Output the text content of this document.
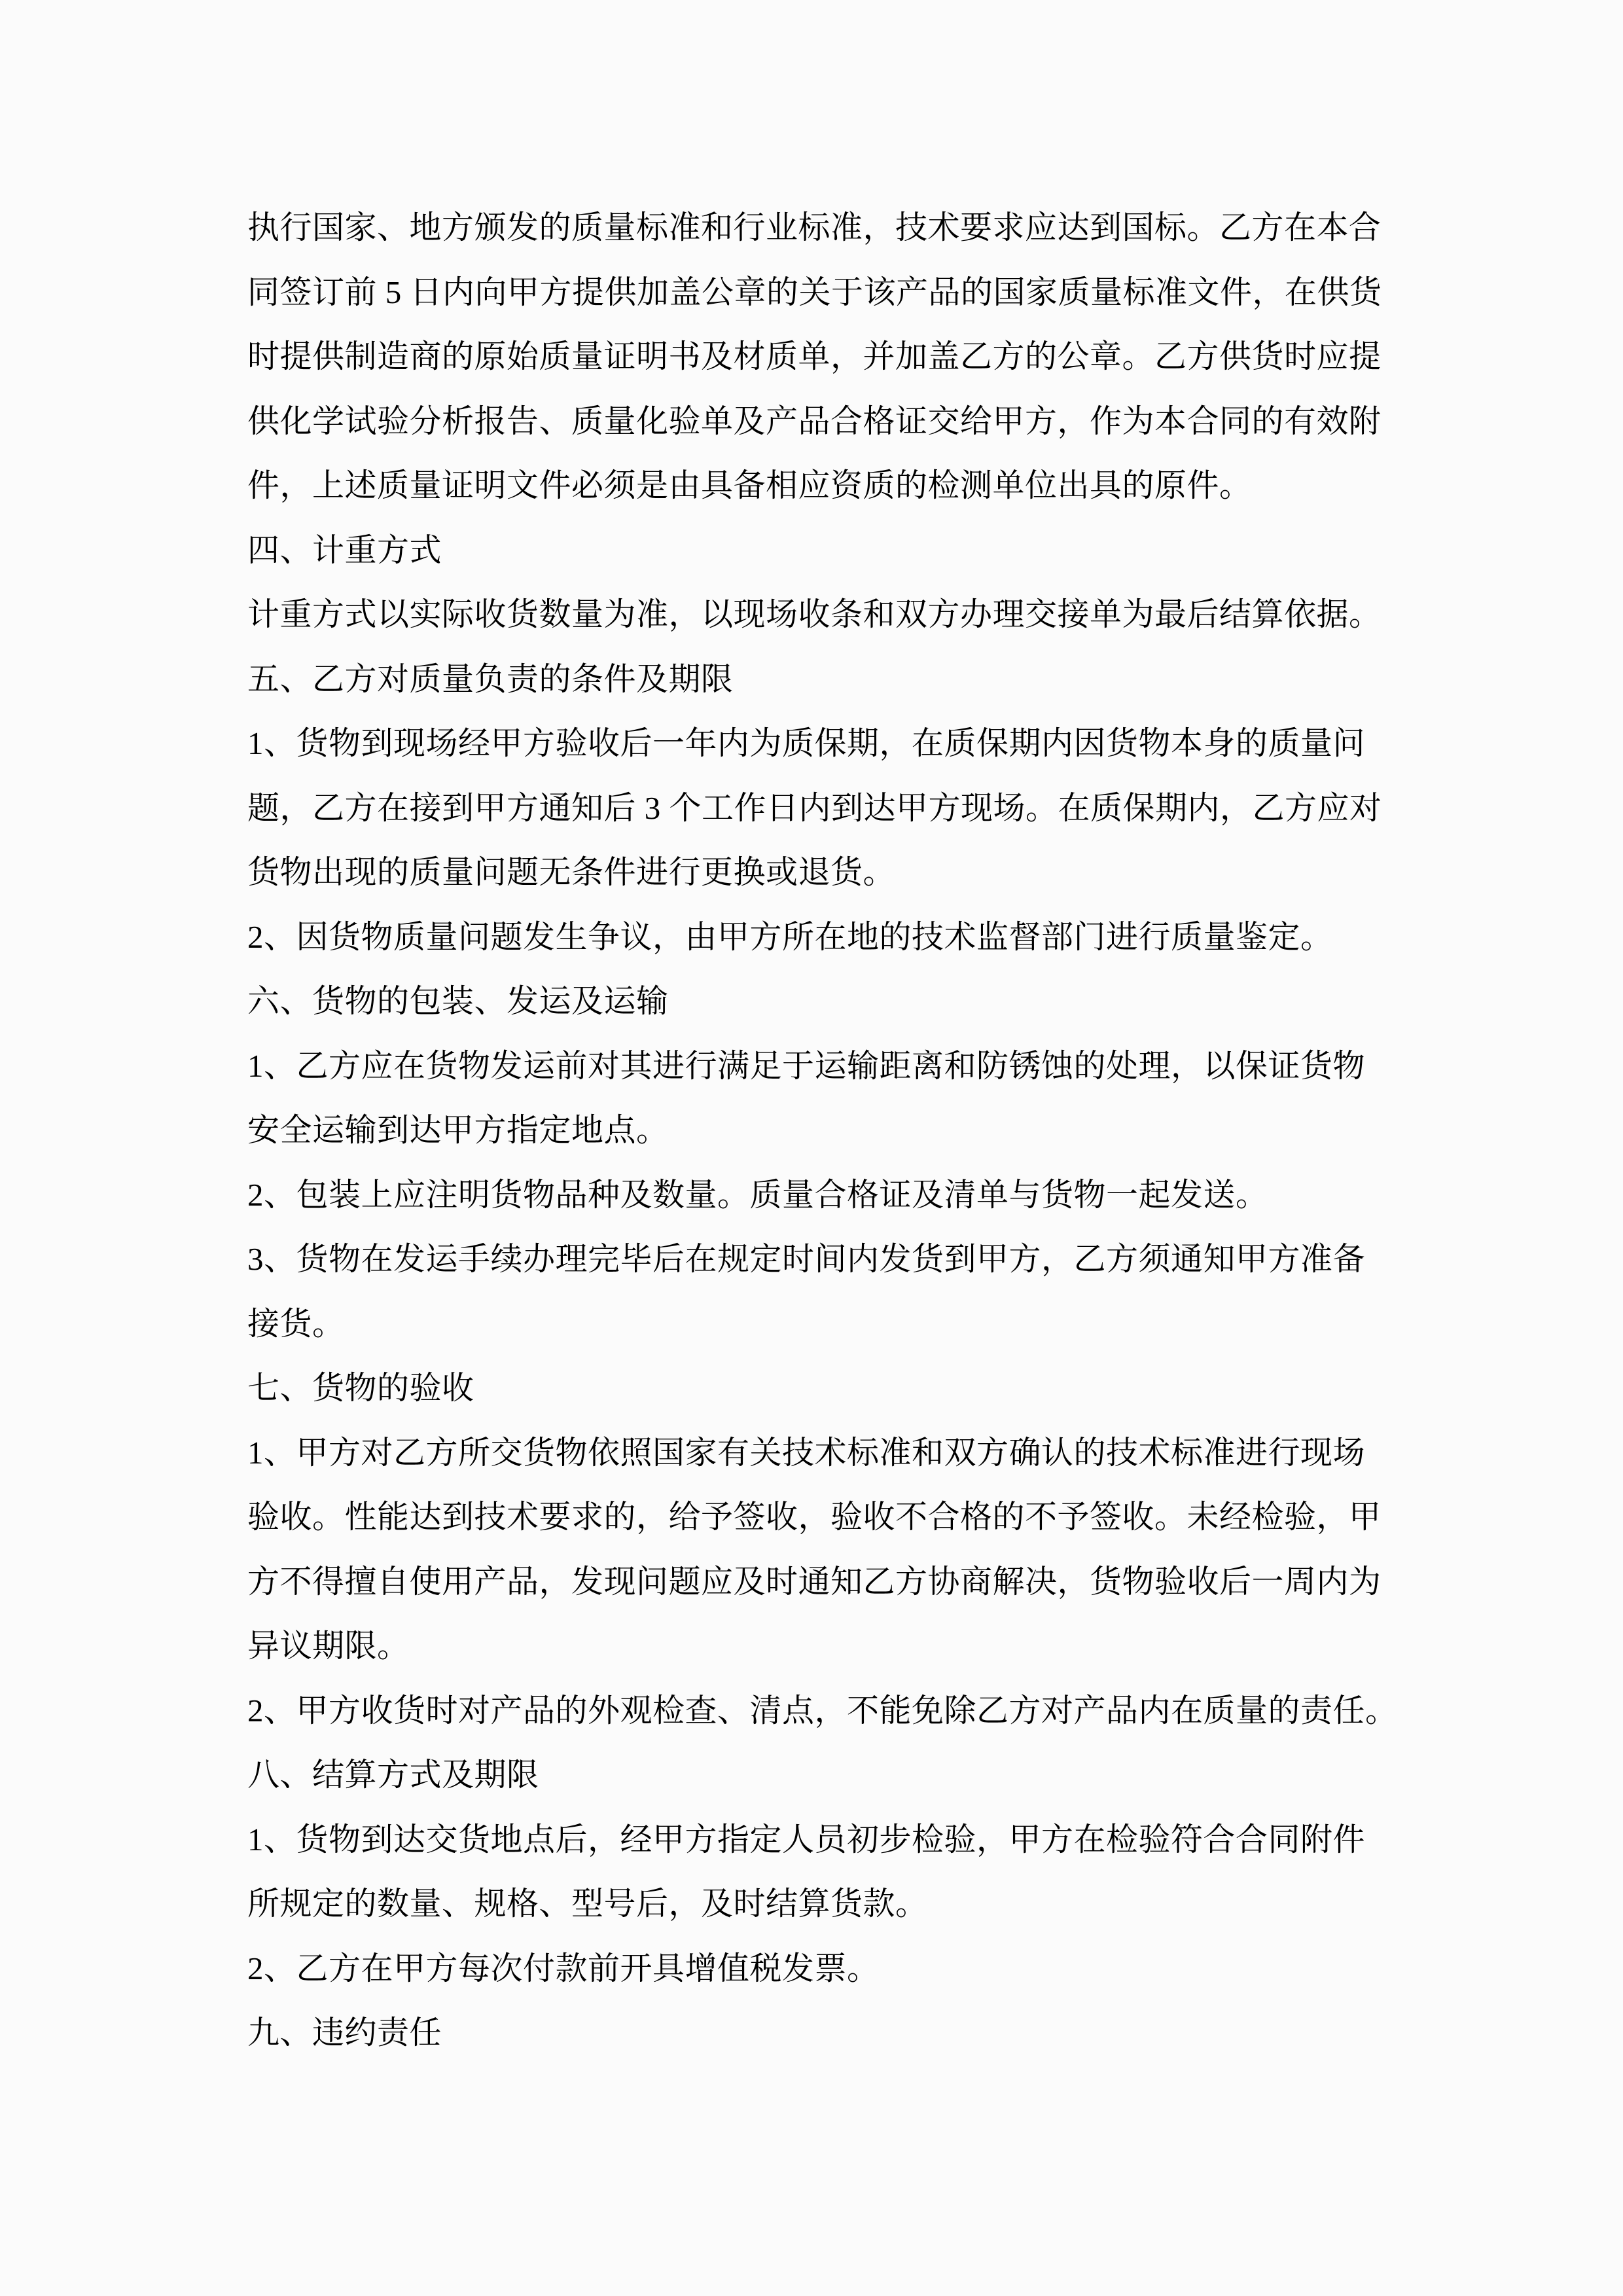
执行国家、地方颁发的质量标准和行业标准，技术要求应达到国标。乙方在本合
同签订前 5 日内向甲方提供加盖公章的关于该产品的国家质量标准文件，在供货
时提供制造商的原始质量证明书及材质单，并加盖乙方的公章。乙方供货时应提
供化学试验分析报告、质量化验单及产品合格证交给甲方，作为本合同的有效附
件，上述质量证明文件必须是由具备相应资质的检测单位出具的原件。
四、计重方式
计重方式以实际收货数量为准，以现场收条和双方办理交接单为最后结算依据。
五、乙方对质量负责的条件及期限
1、货物到现场经甲方验收后一年内为质保期，在质保期内因货物本身的质量问
题，乙方在接到甲方通知后 3 个工作日内到达甲方现场。在质保期内，乙方应对
货物出现的质量问题无条件进行更换或退货。
2、因货物质量问题发生争议，由甲方所在地的技术监督部门进行质量鉴定。
六、货物的包装、发运及运输
1、乙方应在货物发运前对其进行满足于运输距离和防锈蚀的处理，以保证货物
安全运输到达甲方指定地点。
2、包装上应注明货物品种及数量。质量合格证及清单与货物一起发送。
3、货物在发运手续办理完毕后在规定时间内发货到甲方，乙方须通知甲方准备
接货。
七、货物的验收
1、甲方对乙方所交货物依照国家有关技术标准和双方确认的技术标准进行现场
验收。性能达到技术要求的，给予签收，验收不合格的不予签收。未经检验，甲
方不得擅自使用产品，发现问题应及时通知乙方协商解决，货物验收后一周内为
异议期限。
2、甲方收货时对产品的外观检查、清点，不能免除乙方对产品内在质量的责任。
八、结算方式及期限
1、货物到达交货地点后，经甲方指定人员初步检验，甲方在检验符合合同附件
所规定的数量、规格、型号后，及时结算货款。
2、乙方在甲方每次付款前开具增值税发票。
九、违约责任
